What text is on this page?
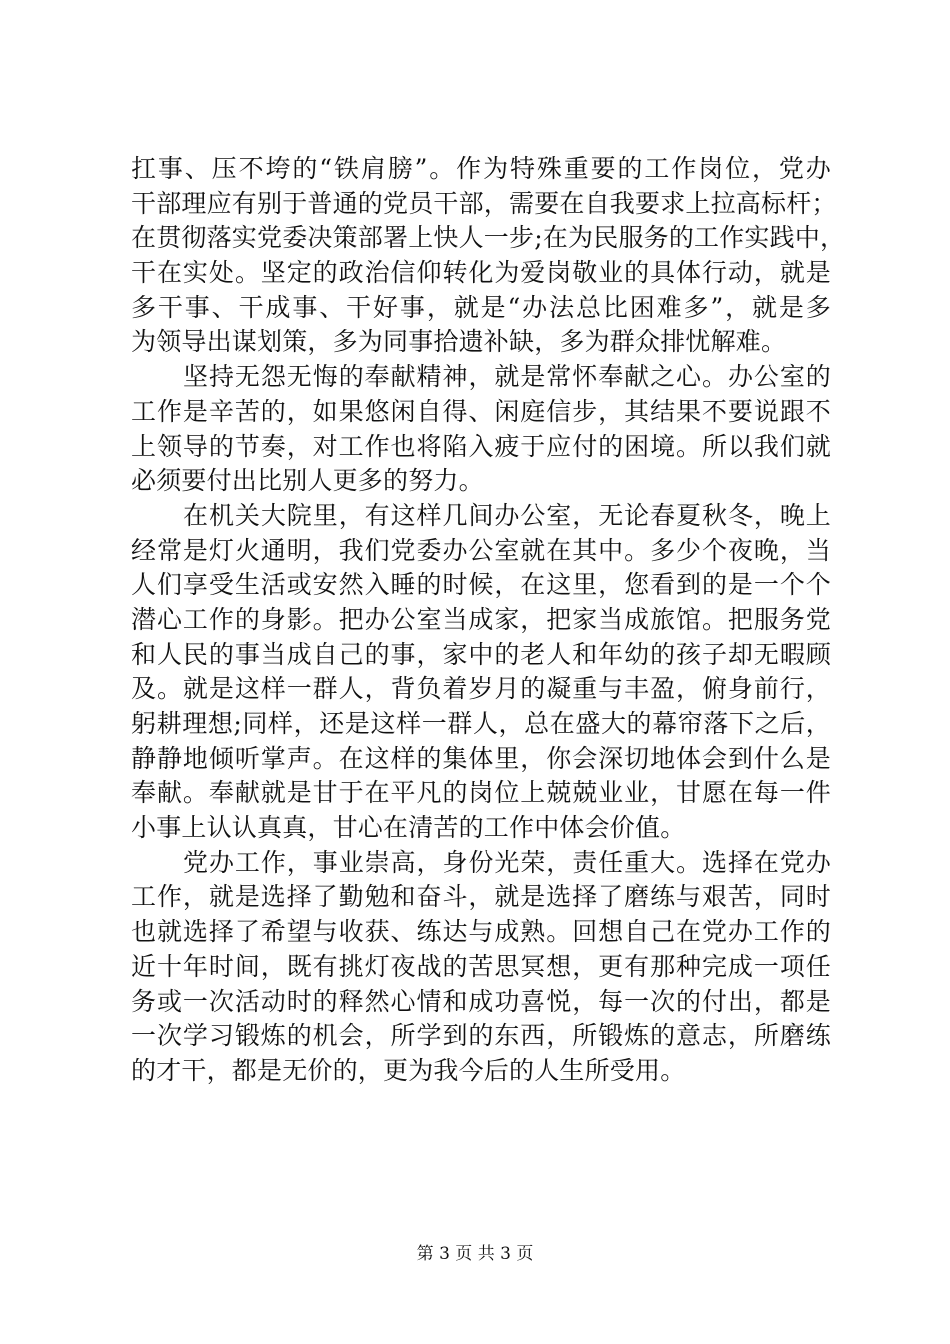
扛事、压不垮的“铁肩膀”。作为特殊重要的工作岗位，党办
干部理应有别于普通的党员干部，需要在自我要求上拉高标杆；
在贯彻落实党委决策部署上快人一步;在为民服务的工作实践中，
干在实处。坚定的政治信仰转化为爱岗敬业的具体行动，就是
多干事、干成事、干好事，就是“办法总比困难多”，就是多
为领导出谋划策，多为同事拾遗补缺，多为群众排忧解难。
坚持无怨无悔的奉献精神，就是常怀奉献之心。办公室的
工作是辛苦的，如果悠闲自得、闲庭信步，其结果不要说跟不
上领导的节奏，对工作也将陷入疲于应付的困境。所以我们就
必须要付出比别人更多的努力。
在机关大院里，有这样几间办公室，无论春夏秋冬，晚上
经常是灯火通明，我们党委办公室就在其中。多少个夜晚，当
人们享受生活或安然入睡的时候，在这里，您看到的是一个个
潜心工作的身影。把办公室当成家，把家当成旅馆。把服务党
和人民的事当成自己的事，家中的老人和年幼的孩子却无暇顾
及。就是这样一群人，背负着岁月的凝重与丰盈，俯身前行，
躬耕理想;同样，还是这样一群人，总在盛大的幕帘落下之后，
静静地倾听掌声。在这样的集体里，你会深切地体会到什么是
奉献。奉献就是甘于在平凡的岗位上兢兢业业，甘愿在每一件
小事上认认真真，甘心在清苦的工作中体会价值。
党办工作，事业崇高，身份光荣，责任重大。选择在党办
工作，就是选择了勤勉和奋斗，就是选择了磨练与艰苦，同时
也就选择了希望与收获、练达与成熟。回想自己在党办工作的
近十年时间，既有挑灯夜战的苦思冥想，更有那种完成一项任
务或一次活动时的释然心情和成功喜悦，每一次的付出，都是
一次学习锻炼的机会，所学到的东西，所锻炼的意志，所磨练
的才干，都是无价的，更为我今后的人生所受用。
第 3 页 共 3 页
